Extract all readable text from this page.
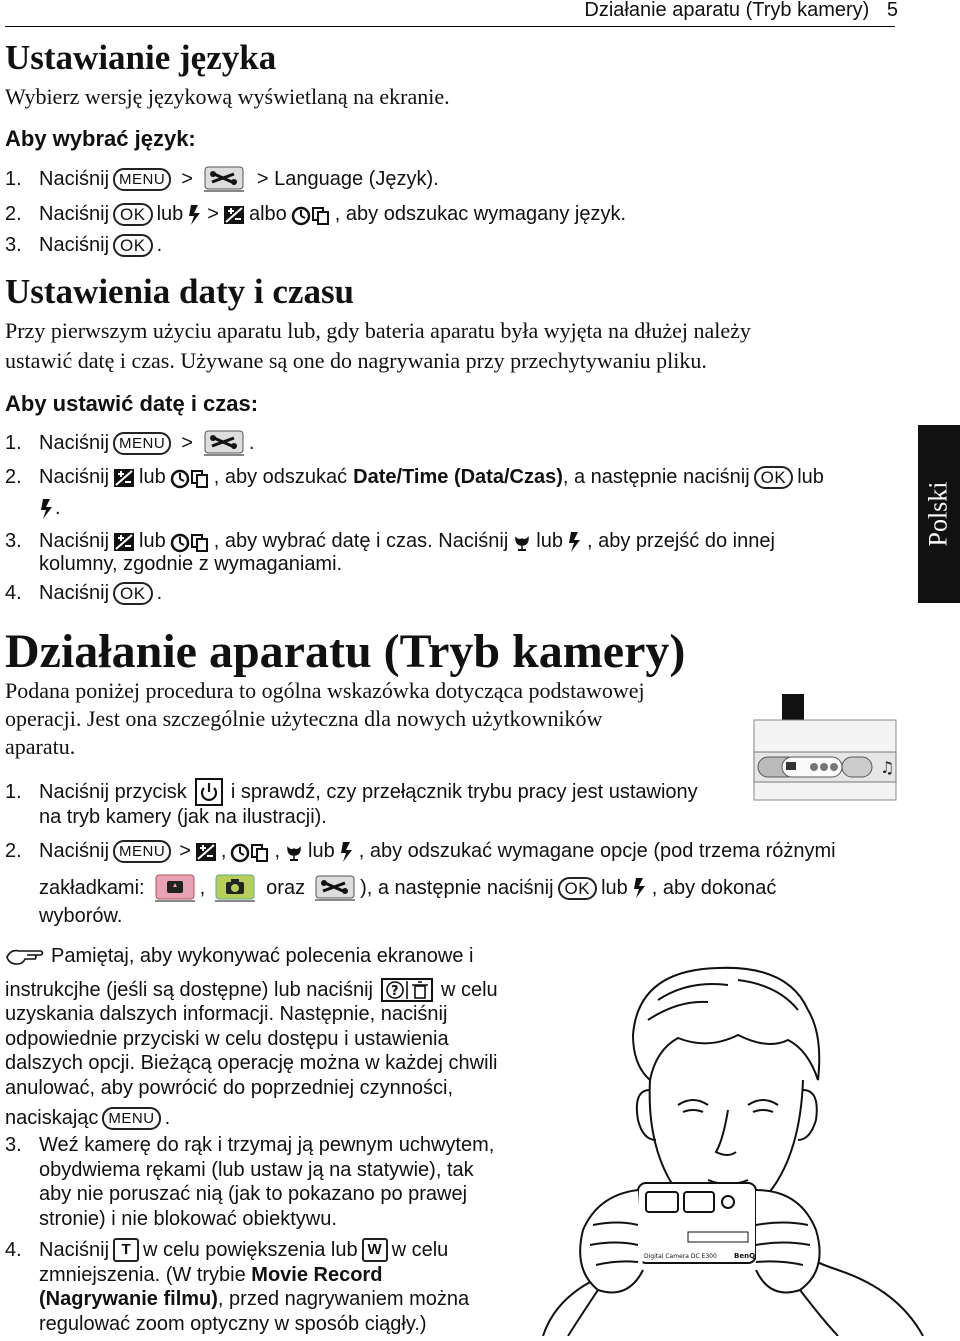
Działanie aparatu (Tryb kamery) 5
Polski
Ustawianie języka
Wybierz wersję językową wyświetlaną na ekranie.
Aby wybrać język:
1. Naciśnij MENU >	> Language (Język).
2. Naciśnij OK lub > albo , aby odszukac wymagany język.
3. Naciśnij OK .
Ustawienia daty i czasu
Przy pierwszym użyciu aparatu lub, gdy bateria aparatu była wyjęta na dłużej należy
ustawić datę i czas. Używane są one do nagrywania przy przechytywaniu pliku.
Aby ustawić datę i czas:
1. Naciśnij MENU >	.
2. Naciśnij lub , aby odszukać Date/Time (Data/Czas) , a następnie naciśnij OK lub
.
3. Naciśnij lub , aby wybrać datę i czas. Naciśnij lub , aby przejść do innej
kolumny, zgodnie z wymaganiami.
4. Naciśnij OK .
Działanie aparatu (Tryb kamery)
Podana poniżej procedura to ogólna wskazówka dotycząca podstawowej
operacji. Jest ona szczególnie użyteczna dla nowych użytkowników
aparatu.
♫
1. Naciśnij przycisk i sprawdź, czy przełącznik trybu pracy jest ustawiony
na tryb kamery (jak na ilustracji).
2. Naciśnij MENU > , , lub , aby odszukać wymagane opcje (pod trzema różnymi
zakładkami:	,	oraz	), a następnie naciśnij OK lub , aby dokonać
wyborów.
Pamiętaj, aby wykonywać polecenia ekranowe i
instrukcjhe (jeśli są dostępne) lub naciśnij ? w celu
uzyskania dalszych informacji. Następnie, naciśnij
odpowiednie przyciski w celu dostępu i ustawienia
dalszych opcji. Bieżącą operację można w każdej chwili
anulować, aby powrócić do poprzedniej czynności,
naciskając MENU .
3. Weź kamerę do rąk i trzymaj ją pewnym uchwytem,
obydwiema rękami (lub ustaw ją na statywie), tak
aby nie poruszać nią (jak to pokazano po prawej
stronie) i nie blokować obiektywu.
4. Naciśnij T w celu powiększenia lub W w celu
zmniejszenia. (W trybie Movie Record
(Nagrywanie filmu), przed nagrywaniem można
regulować zoom optyczny w sposób ciągły.)
Digital Camera DC E300 BenQ
